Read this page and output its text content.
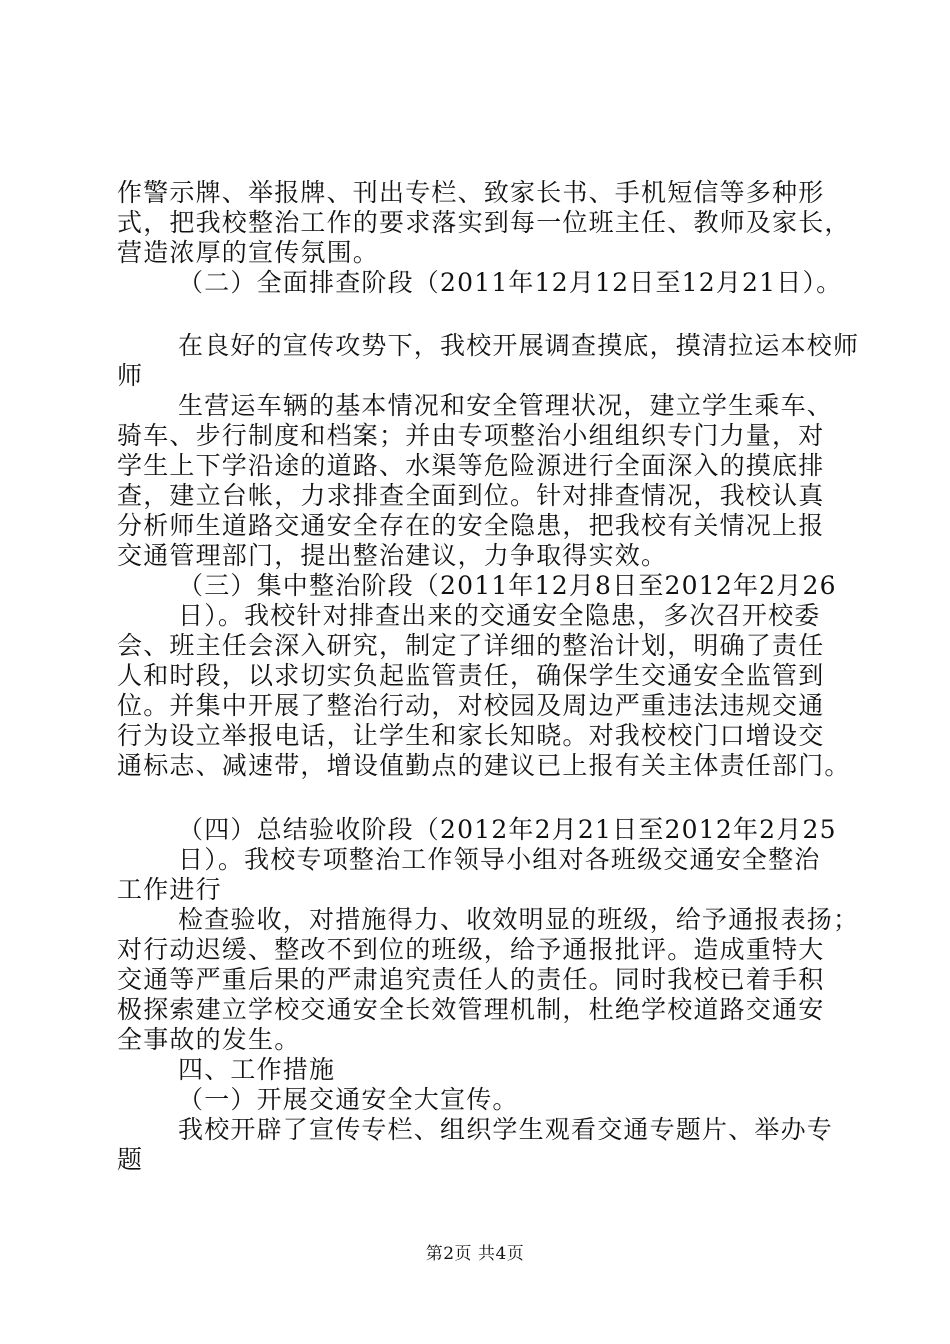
作警示牌、举报牌、刊出专栏、致家长书、手机短信等多种形
式，把我校整治工作的要求落实到每一位班主任、教师及家长，
营造浓厚的宣传氛围。
（二）全面排查阶段（2011年12月12日至12月21日）。
在良好的宣传攻势下，我校开展调查摸底，摸清拉运本校师
师
生营运车辆的基本情况和安全管理状况，建立学生乘车、
骑车、步行制度和档案；并由专项整治小组组织专门力量，对
学生上下学沿途的道路、水渠等危险源进行全面深入的摸底排
查，建立台帐，力求排查全面到位。针对排查情况，我校认真
分析师生道路交通安全存在的安全隐患，把我校有关情况上报
交通管理部门，提出整治建议，力争取得实效。
（三）集中整治阶段（2011年12月8日至2012年2月26
日）。我校针对排查出来的交通安全隐患，多次召开校委
会、班主任会深入研究，制定了详细的整治计划，明确了责任
人和时段，以求切实负起监管责任，确保学生交通安全监管到
位。并集中开展了整治行动，对校园及周边严重违法违规交通
行为设立举报电话，让学生和家长知晓。对我校校门口增设交
通标志、减速带，增设值勤点的建议已上报有关主体责任部门。
（四）总结验收阶段（2012年2月21日至2012年2月25
日）。我校专项整治工作领导小组对各班级交通安全整治
工作进行
检查验收，对措施得力、收效明显的班级，给予通报表扬；
对行动迟缓、整改不到位的班级，给予通报批评。造成重特大
交通等严重后果的严肃追究责任人的责任。同时我校已着手积
极探索建立学校交通安全长效管理机制，杜绝学校道路交通安
全事故的发生。
四、工作措施
（一）开展交通安全大宣传。
我校开辟了宣传专栏、组织学生观看交通专题片、举办专
题
第2页 共4页
